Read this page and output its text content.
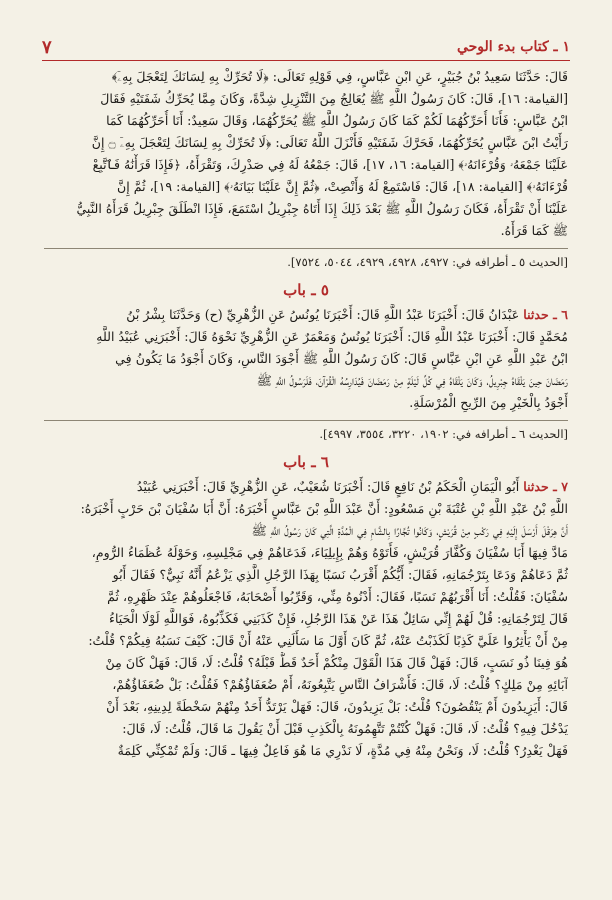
١ ـ كتاب بدء الوحي
٧
قَالَ: حَدَّثَنَا سَعِيدُ بْنُ جُبَيْرٍ، عَنِ ابْنِ عَبَّاسٍ، فِي قَوْلِهِ تَعَالَى: ﴿لَا تُحَرِّكْ بِهِ لِسَانَكَ لِتَعْجَلَ بِهِۦٓ﴾
[القيامة: ١٦]، قَالَ: كَانَ رَسُولُ اللَّهِ ﷺ يُعَالِجُ مِنَ التَّنْزِيلِ شِدَّةً، وَكَانَ مِمَّا يُحَرِّكُ شَفَتَيْهِ فَقَالَ
ابْنُ عَبَّاسٍ: فَأَنَا أُحَرِّكُهُمَا لَكُمْ كَمَا كَانَ رَسُولُ اللَّهِ ﷺ يُحَرِّكُهُمَا، وَقَالَ سَعِيدٌ: أَنَا أُحَرِّكُهُمَا كَمَا
رَأَيْتُ ابْنَ عَبَّاسٍ يُحَرِّكُهُمَا، فَحَرَّكَ شَفَتَيْهِ فَأَنْزَلَ اللَّهُ تَعَالَى: ﴿لَا تُحَرِّكْ بِهِ لِسَانَكَ لِتَعْجَلَ بِهِۦٓ ۝ إِنَّ
عَلَيْنَا جَمْعَهُۥ وَقُرْءَانَهُۥ﴾ [القيامة: ١٦، ١٧]، قَالَ: جَمْعُهُ لَهُ فِي صَدْرِكَ، وَتَقْرَأَهُ، ﴿فَإِذَا قَرَأْنَٰهُ فَٱتَّبِعْ
قُرْءَانَهُۥ﴾ [القيامة: ١٨]، قَالَ: فَاسْتَمِعْ لَهُ وَأَنْصِتْ، ﴿ثُمَّ إِنَّ عَلَيْنَا بَيَانَهُۥ﴾ [القيامة: ١٩]، ثُمَّ إِنَّ
عَلَيْنَا أَنْ تَقْرَأَهُ، فَكَانَ رَسُولُ اللَّهِ ﷺ بَعْدَ ذَلِكَ إِذَا أَتَاهُ جِبْرِيلُ اسْتَمَعَ، فَإِذَا انْطَلَقَ جِبْرِيلُ قَرَأَهُ النَّبِيُّ
ﷺ كَمَا قَرَأَهُ.
[الحديث ٥ ـ أطرافه في: ٤٩٢٧، ٤٩٢٨، ٤٩٢٩، ٥٠٤٤، ٧٥٢٤].
٥ ـ باب
٦ ـ حدثنا عَبْدَانُ قَالَ: أَخْبَرَنَا عَبْدُ اللَّهِ قَالَ: أَخْبَرَنَا يُونُسُ عَنِ الزُّهْرِيِّ (ح) وَحَدَّثَنَا بِشْرُ بْنُ
مُحَمَّدٍ قَالَ: أَخْبَرَنَا عَبْدُ اللَّهِ قَالَ: أَخْبَرَنَا يُونُسُ وَمَعْمَرٌ عَنِ الزُّهْرِيِّ نَحْوَهُ قَالَ: أَخْبَرَنِي عُبَيْدُ اللَّهِ
ابْنُ عَبْدِ اللَّهِ عَنِ ابْنِ عَبَّاسٍ قَالَ: كَانَ رَسُولُ اللَّهِ ﷺ أَجْوَدَ النَّاسِ، وَكَانَ أَجْوَدُ مَا يَكُونُ فِي
رَمَضَانَ حِينَ يَلْقَاهُ جِبْرِيلُ، وَكَانَ يَلْقَاهُ فِي كُلِّ لَيْلَةٍ مِنْ رَمَضَانَ فَيُدَارِسُهُ الْقُرْآنَ، فَلَرَسُولُ اللَّهِ ﷺ
أَجْوَدُ بِالْخَيْرِ مِنَ الرِّيحِ الْمُرْسَلَةِ.
[الحديث ٦ ـ أطرافه في: ١٩٠٢، ٣٢٢٠، ٣٥٥٤، ٤٩٩٧].
٦ ـ باب
٧ ـ حدثنا أَبُو الْيَمَانِ الْحَكَمُ بْنُ نَافِعٍ قَالَ: أَخْبَرَنَا شُعَيْبٌ، عَنِ الزُّهْرِيِّ قَالَ: أَخْبَرَنِي عُبَيْدُ
اللَّهِ بْنُ عَبْدِ اللَّهِ بْنِ عُتْبَةَ بْنِ مَسْعُودٍ: أَنَّ عَبْدَ اللَّهِ بْنَ عَبَّاسٍ أَخْبَرَهُ: أَنَّ أَبَا سُفْيَانَ بْنَ حَرْبٍ أَخْبَرَهُ:
أَنَّ هِرَقْلَ أَرْسَلَ إِلَيْهِ فِي رَكْبٍ مِنْ قُرَيْشٍ، وَكَانُوا تُجَّارًا بِالشَّامِ فِي الْمُدَّةِ الَّتِي كَانَ رَسُولُ اللَّهِ ﷺ
مَادَّ فِيهَا أَبَا سُفْيَانَ وَكُفَّارَ قُرَيْشٍ، فَأَتَوْهُ وَهُمْ بِإِيلِيَاءَ، فَدَعَاهُمْ فِي مَجْلِسِهِ، وَحَوْلَهُ عُظَمَاءُ الرُّومِ،
ثُمَّ دَعَاهُمْ وَدَعَا بِتَرْجُمَانِهِ، فَقَالَ: أَيُّكُمْ أَقْرَبُ نَسَبًا بِهَذَا الرَّجُلِ الَّذِي يَزْعُمُ أَنَّهُ نَبِيٌّ؟ فَقَالَ أَبُو
سُفْيَانَ: فَقُلْتُ: أَنَا أَقْرَبُهُمْ نَسَبًا، فَقَالَ: أَدْنُوهُ مِنِّي، وَقَرِّبُوا أَصْحَابَهُ، فَاجْعَلُوهُمْ عِنْدَ ظَهْرِهِ، ثُمَّ
قَالَ لِتَرْجُمَانِهِ: قُلْ لَهُمْ إِنِّي سَائِلٌ هَذَا عَنْ هَذَا الرَّجُلِ، فَإِنْ كَذَبَنِي فَكَذِّبُوهُ، فَوَاللَّهِ لَوْلَا الْحَيَاءُ
مِنْ أَنْ يَأْثِرُوا عَلَيَّ كَذِبًا لَكَذَبْتُ عَنْهُ، ثُمَّ كَانَ أَوَّلَ مَا سَأَلَنِي عَنْهُ أَنْ قَالَ: كَيْفَ نَسَبُهُ فِيكُمْ؟ قُلْتُ:
هُوَ فِينَا ذُو نَسَبٍ، قَالَ: فَهَلْ قَالَ هَذَا الْقَوْلَ مِنْكُمْ أَحَدٌ قَطُّ قَبْلَهُ؟ قُلْتُ: لَا، قَالَ: فَهَلْ كَانَ مِنْ
آبَائِهِ مِنْ مَلِكٍ؟ قُلْتُ: لَا، قَالَ: فَأَشْرَافُ النَّاسِ يَتَّبِعُونَهُ، أَمْ ضُعَفَاؤُهُمْ؟ فَقُلْتُ: بَلْ ضُعَفَاؤُهُمْ،
قَالَ: أَيَزِيدُونَ أَمْ يَنْقُصُونَ؟ قُلْتُ: بَلْ يَزِيدُونَ، قَالَ: فَهَلْ يَرْتَدُّ أَحَدٌ مِنْهُمْ سَخْطَةً لِدِينِهِ، بَعْدَ أَنْ
يَدْخُلَ فِيهِ؟ قُلْتُ: لَا، قَالَ: فَهَلْ كُنْتُمْ تَتَّهِمُونَهُ بِالْكَذِبِ قَبْلَ أَنْ يَقُولَ مَا قَالَ، قُلْتُ: لَا، قَالَ:
فَهَلْ يَغْدِرُ؟ قُلْتُ: لَا، وَنَحْنُ مِنْهُ فِي مُدَّةٍ، لَا نَدْرِي مَا هُوَ فَاعِلٌ فِيهَا ـ قَالَ: وَلَمْ تُمْكِنِّي كَلِمَةٌ
